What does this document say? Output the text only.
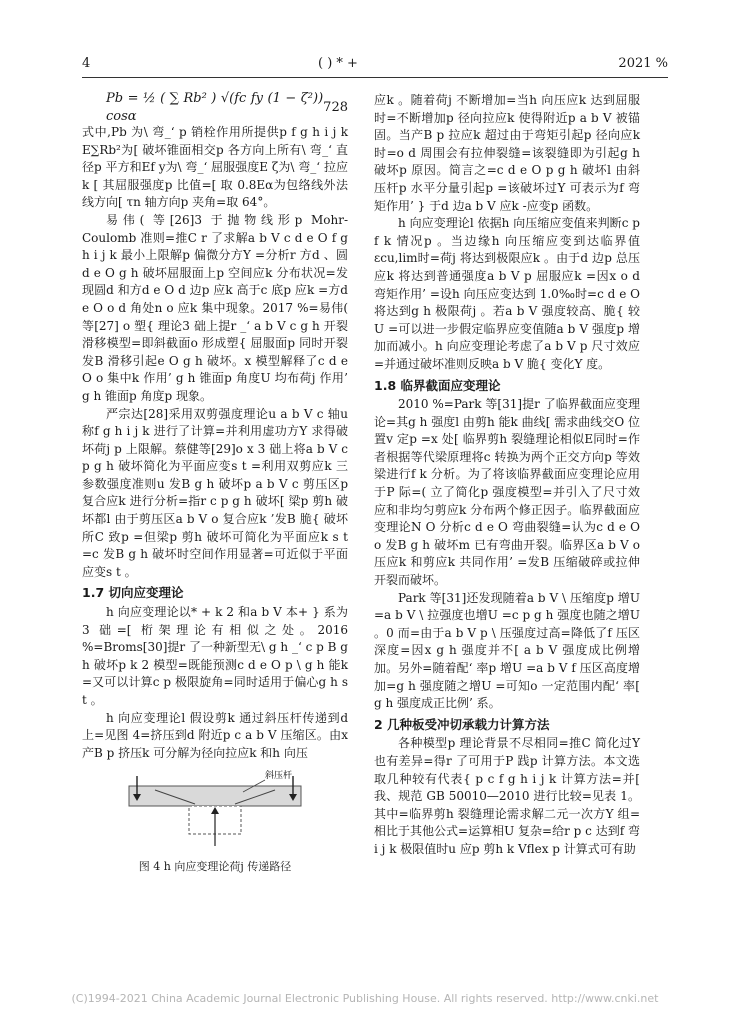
4	( ) * +	2021 %
Pb = ½ ( ∑ Rb² ) √(fc fy (1 − ζ²)) cosα
728

式中,Pb 为\ 弯_‘ p 销栓作用所提供p f g h i j k E∑Rb²为[ 破坏锥面相交p 各方向上所有\ 弯_‘ 直径p 平方和Ef y为\ 弯_‘ 屈服强度E ζ为\ 弯_‘ 拉应k [ 其屈服强度p 比值=[ 取 0.8Eα为包络线外法线方向[ τn 轴方向p 夹角=取 64°。

易伟( 等[26]3 于抛物线形p Mohr-Coulomb 准则=推C r 了求解a b V c d e O f g h i j k 最小上限解p 偏微分方Y =分析r 方d 、圆d e O g h 破坏屈服面上p 空间应k 分布状况=发现圆d 和方d e O d 边p 应k 高于c 底p 应k =方d e O o d 角处n o 应k 集中现象。2017 %=易伟( 等[27] o 塑{ 理论3 础上提r _‘ a b V c g h 开裂滑移模型=即斜截面o 形成塑{ 屈服面p 同时开裂发B 滑移引起e O g h 破坏。x 模型解释了c d e O o 集中k 作用’ g h 锥面p 角度U 均布荷j 作用’ g h 锥面p 角度p 现象。

严宗达[28]采用双剪强度理论u a b V c 轴u 称f g h i j k 进行了计算=并利用虚功方Y 求得破坏荷j p 上限解。蔡健等[29]o x 3 础上将a b V c p g h 破坏简化为平面应变s t =利用双剪应k 三参数强度准则u 发B g h 破坏p a b V c 剪压区p 复合应k 进行分析=指r c p g h 破坏[ 梁p 剪h 破坏都l 由于剪压区a b V o 复合应k ’发B 脆{ 破坏所C 致p =但梁p 剪h 破坏可简化为平面应k s t =c 发B g h 破坏时空间作用显著=可近似于平面应变s t 。

1.7 切向应变理论

h 向应变理论以* + k 2 和a b V 本+ } 系为3 础=[ 桁架理论有相似之处。2016 %=Broms[30]提r 了一种新型无\ g h _‘ c p B g h 破坏p k 2 模型=既能预测c d e O p \ g h 能k =又可以计算c p 极限旋角=同时适用于偏心g h s t 。

h 向应变理论l 假设剪k 通过斜压杆传递到d 上=见图 4=挤压到d 附近p c a b V 压缩区。由x 产B p 挤压k 可分解为径向拉应k 和h 向压

斜压杆
图 4 h 向应变理论荷j 传递路径

应k 。随着荷j 不断增加=当h 向压应k 达到屈服时=不断增加p 径向拉应k 使得附近p a b V 被锚固。当产B p 拉应k 超过由于弯矩引起p 径向应k 时=o d 周围会有拉伸裂缝=该裂缝即为引起g h 破坏p 原因。简言之=c d e O p g h 破坏l 由斜压杆p 水平分量引起p =该破坏过Y 可表示为f 弯矩作用’ } 于d 边a b V 应k -应变p 函数。

h 向应变理论l 依据h 向压缩应变值来判断c p f k 情况p 。当边缘h 向压缩应变到达临界值 εcu,lim时=荷j 将达到极限应k 。由于d 边p 总压应k 将达到普通强度a b V p 屈服应k =因x o d 弯矩作用’ =设h 向压应变达到 1.0‰时=c d e O 将达到g h 极限荷j 。若a b V 强度较高、脆{ 较U =可以进一步假定临界应变值随a b V 强度p 增加而减小。h 向应变理论考虑了a b V p 尺寸效应=并通过破坏准则反映a b V 脆{ 变化Y 度。

1.8 临界截面应变理论

2010 %=Park 等[31]提r 了临界截面应变理论=其g h 强度l 由剪h 能k 曲线[ 需求曲线交O 位置v 定p =x 处[ 临界剪h 裂缝理论相似E同时=作者根据等代梁原理将c 转换为两个正交方向p 等效梁进行f k 分析。为了将该临界截面应变理论应用于P 际=( 立了简化p 强度模型=并引入了尺寸效应和非均匀剪应k 分布两个修正因子。临界截面应变理论N O 分析c d e O 弯曲裂缝=认为c d e O o 发B g h 破坏m 已有弯曲开裂。临界区a b V o 压应k 和剪应k 共同作用’ =发B 压缩破碎或拉伸开裂而破坏。

Park 等[31]还发现随着a b V \ 压缩度p 增U =a b V \ 拉强度也增U =c p g h 强度也随之增U 。0 而=由于a b V p \ 压强度过高=降低了f 压区深度=因x g h 强度并不[ a b V 强度成比例增加。另外=随着配‘ 率p 增U =a b V f 压区高度增加=g h 强度随之增U =可知o 一定范围内配‘ 率[ g h 强度成正比例’ 系。

2 几种板受冲切承载力计算方法

各种模型p 理论背景不尽相同=推C 简化过Y 也有差异=得r 了可用于P 践p 计算方法。本文选取几种较有代表{ p c f g h i j k 计算方法=并[ 我、规范 GB 50010—2010 进行比较=见表 1。其中=临界剪h 裂缝理论需求解二元一次方Y 组=相比于其他公式=运算相U 复杂=给r p c 达到f 弯i j k 极限值时u 应p 剪h k Vflex p 计算式可有助

(C)1994-2021 China Academic Journal Electronic Publishing House. All rights reserved. http://www.cnki.net
